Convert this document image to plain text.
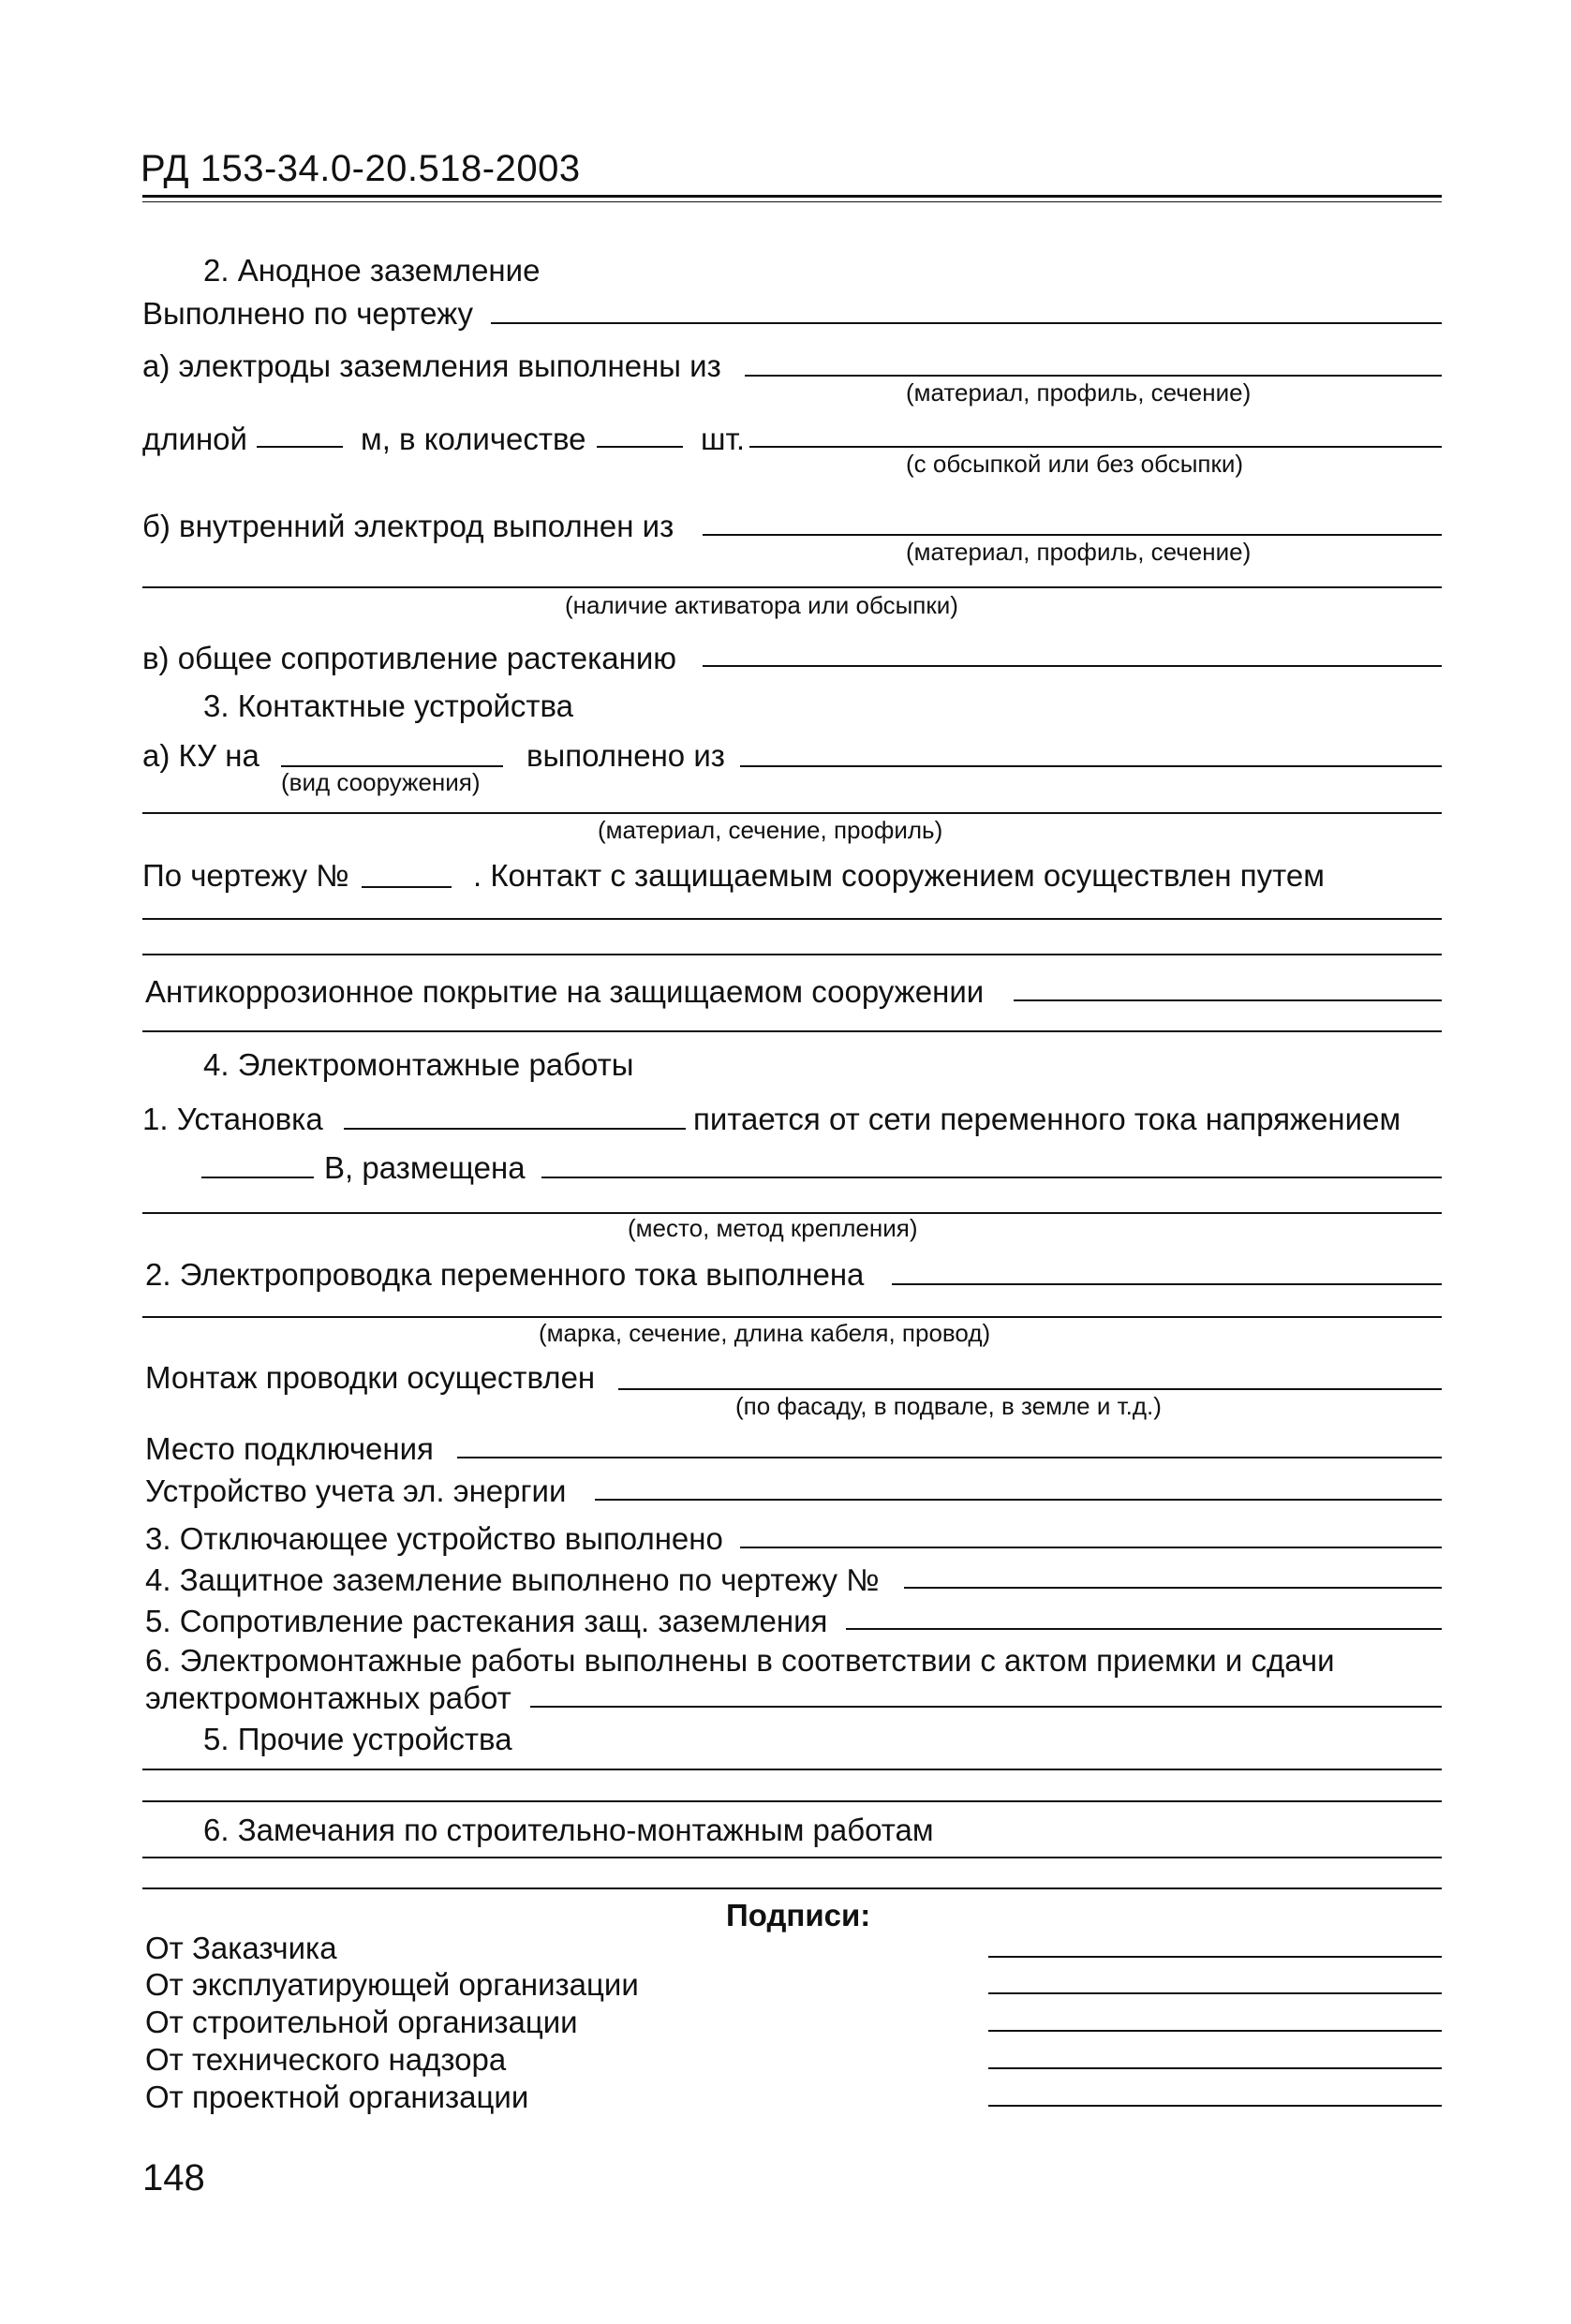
РД 153-34.0-20.518-2003
2. Анодное заземление
Выполнено по чертежу
а) электроды заземления выполнены из
(материал, профиль, сечение)
длиной	м, в количестве	шт.
(с обсыпкой или без обсыпки)
б) внутренний электрод выполнен из
(материал, профиль, сечение)
(наличие активатора или обсыпки)
в) общее сопротивление растеканию
3. Контактные устройства
а) КУ на
(вид сооружения)
выполнено из
(материал, сечение, профиль)
По чертежу №	. Контакт с защищаемым сооружением осуществлен путем
Антикоррозионное покрытие на защищаемом сооружении
4. Электромонтажные работы
1. Установка	питается от сети переменного тока напряжением
В, размещена
(место, метод крепления)
2. Электропроводка переменного тока выполнена
(марка, сечение, длина кабеля, провод)
Монтаж проводки осуществлен
(по фасаду, в подвале, в земле и т.д.)
Место подключения
Устройство учета эл. энергии
3. Отключающее устройство выполнено
4. Защитное заземление выполнено по чертежу №
5. Сопротивление растекания защ. заземления
6. Электромонтажные работы выполнены в соответствии с актом приемки и сдачи
электромонтажных работ
5. Прочие устройства
6. Замечания по строительно-монтажным работам
Подписи:
От Заказчика
От эксплуатирующей организации
От строительной организации
От технического надзора
От проектной организации
148
